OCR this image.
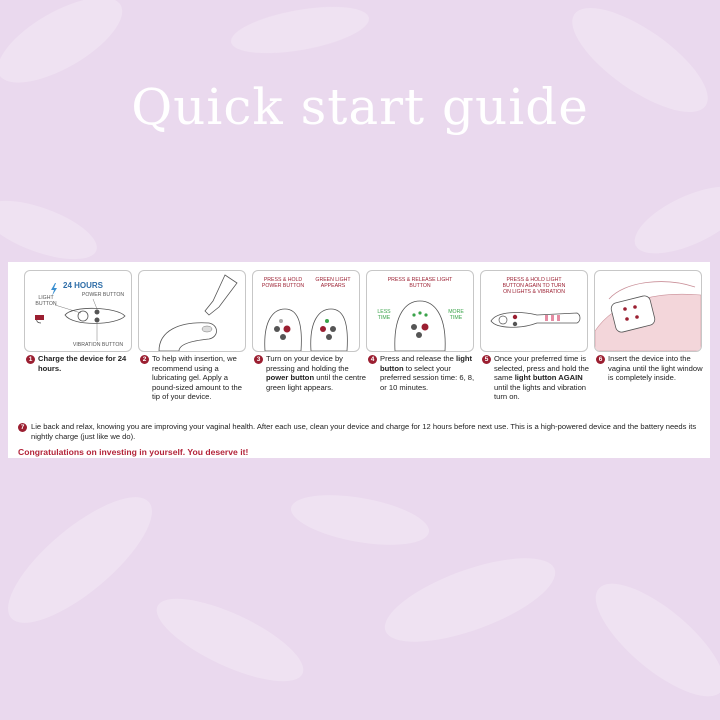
Quick start guide
24 HOURS
LIGHT BUTTON
POWER BUTTON
VIBRATION BUTTON
PRESS & HOLD POWER BUTTON
GREEN LIGHT APPEARS
PRESS & RELEASE LIGHT BUTTON
LESS TIME
MORE TIME
PRESS & HOLD LIGHT BUTTON AGAIN TO TURN ON LIGHTS & VIBRATION
1 Charge the device for 24 hours.
2 To help with insertion, we recommend using a lubricating gel. Apply a pound-sized amount to the tip of your device.
3 Turn on your device by pressing and holding the power button until the centre green light appears.
4 Press and release the light button to select your preferred session time: 6, 8, or 10 minutes.
5 Once your preferred time is selected, press and hold the same light button AGAIN until the lights and vibration turn on.
6 Insert the device into the vagina until the light window is completely inside.
7 Lie back and relax, knowing you are improving your vaginal health. After each use, clean your device and charge for 12 hours before next use. This is a high-powered device and the battery needs its nightly charge (just like we do).
Congratulations on investing in yourself. You deserve it!
